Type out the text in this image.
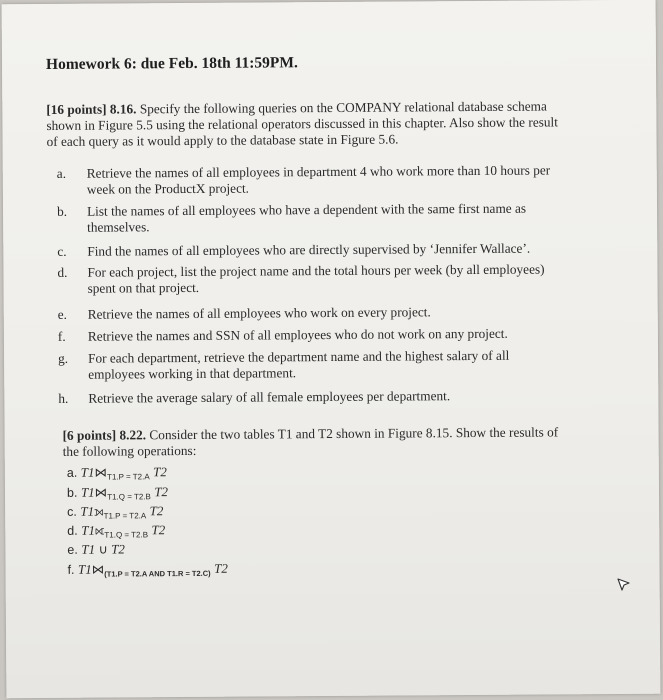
Homework 6: due Feb. 18th 11:59PM.
[16 points] 8.16. Specify the following queries on the COMPANY relational database schema shown in Figure 5.5 using the relational operators discussed in this chapter. Also show the result of each query as it would apply to the database state in Figure 5.6.
a.	Retrieve the names of all employees in department 4 who work more than 10 hours per week on the ProductX project.
b.	List the names of all employees who have a dependent with the same first name as themselves.
c.	Find the names of all employees who are directly supervised by ‘Jennifer Wallace’.
d.	For each project, list the project name and the total hours per week (by all employees) spent on that project.
e.	Retrieve the names of all employees who work on every project.
f.	Retrieve the names and SSN of all employees who do not work on any project.
g.	For each department, retrieve the department name and the highest salary of all employees working in that department.
h.	Retrieve the average salary of all female employees per department.
[6 points] 8.22. Consider the two tables T1 and T2 shown in Figure 8.15. Show the results of the following operations:
a. $T1⋈_{T1.P = T2.A}$ T2
b. $T1⋈_{T1.Q = T2.B}$ T2
c. $T1⟕_{T1.P = T2.A}$ T2
d. $T1⟖_{T1.Q = T2.B}$ T2
e. T1 ∪ T2
f. $T1⋈_{(T1.P = T2.A AND T1.R = T2.C)}$ T2
